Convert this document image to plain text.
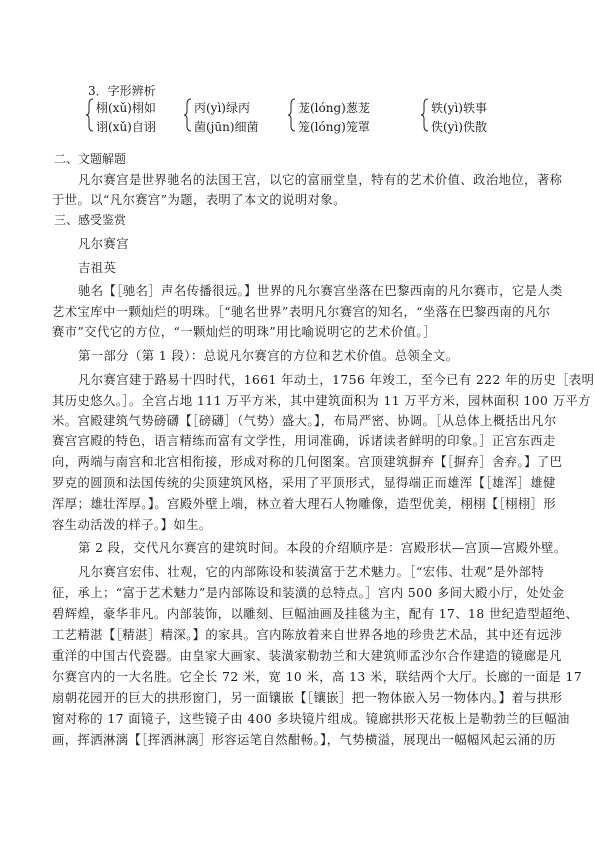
3．字形辨析
栩(xǔ)栩如
诩(xǔ)自诩
丙(yì)绿丙
菌(jūn)细菌
茏(lóng)葱茏
笼(lóng)笼罩
轶(yì)轶事
佚(yì)佚散
二、文题解题
凡尔赛宫是世界驰名的法国王宫，以它的富丽堂皇，特有的艺术价值、政治地位，著称
于世。以“凡尔赛宫”为题，表明了本文的说明对象。
三、感受鉴赏
凡尔赛宫
吉祖英
驰名【［驰名］声名传播很远。】世界的凡尔赛宫坐落在巴黎西南的凡尔赛市，它是人类
艺术宝库中一颗灿烂的明珠。［“驰名世界”表明凡尔赛宫的知名，“坐落在巴黎西南的凡尔
赛市”交代它的方位，“一颗灿烂的明珠”用比喻说明它的艺术价值。］
第一部分（第 1 段）：总说凡尔赛宫的方位和艺术价值。总领全文。
凡尔赛宫建于路易十四时代，1661 年动土，1756 年竣工，至今已有 222 年的历史［表明
其历史悠久。］。全宫占地 111 万平方米，其中建筑面积为 11 万平方米，园林面积 100 万平方
米。宫殿建筑气势磅礴【［磅礴］（气势）盛大。】，布局严密、协调。［从总体上概括出凡尔
赛宫宫殿的特色，语言精练而富有文学性，用词准确，诉诸读者鲜明的印象。］正宫东西走
向，两端与南宫和北宫相衔接，形成对称的几何图案。宫顶建筑摒弃【［摒弃］舍弃。】了巴
罗克的圆顶和法国传统的尖顶建筑风格，采用了平顶形式，显得端正而雄浑【［雄浑］雄健
浑厚；雄壮浑厚。】。宫殿外壁上端，林立着大理石人物雕像，造型优美，栩栩【［栩栩］形
容生动活泼的样子。】如生。
第 2 段，交代凡尔赛宫的建筑时间。本段的介绍顺序是：宫殿形状—宫顶—宫殿外壁。
凡尔赛宫宏伟、壮观，它的内部陈设和装潢富于艺术魅力。［“宏伟、壮观”是外部特
征，承上；“富于艺术魅力”是内部陈设和装潢的总特点。］宫内 500 多间大殿小厅，处处金
碧辉煌，豪华非凡。内部装饰，以雕刻、巨幅油画及挂毯为主，配有 17、18 世纪造型超绝、
工艺精湛【［精湛］精深。】的家具。宫内陈放着来自世界各地的珍贵艺术品，其中还有远涉
重洋的中国古代瓷器。由皇家大画家、装潢家勒勃兰和大建筑师孟沙尔合作建造的镜廊是凡
尔赛宫内的一大名胜。它全长 72 米，宽 10 米，高 13 米，联结两个大厅。长廊的一面是 17
扇朝花园开的巨大的拱形窗门，另一面镶嵌【［镶嵌］把一物体嵌入另一物体内。】着与拱形
窗对称的 17 面镜子，这些镜子由 400 多块镜片组成。镜廊拱形天花板上是勒勃兰的巨幅油
画，挥洒淋漓【［挥洒淋漓］形容运笔自然酣畅。】，气势横溢，展现出一幅幅风起云涌的历
